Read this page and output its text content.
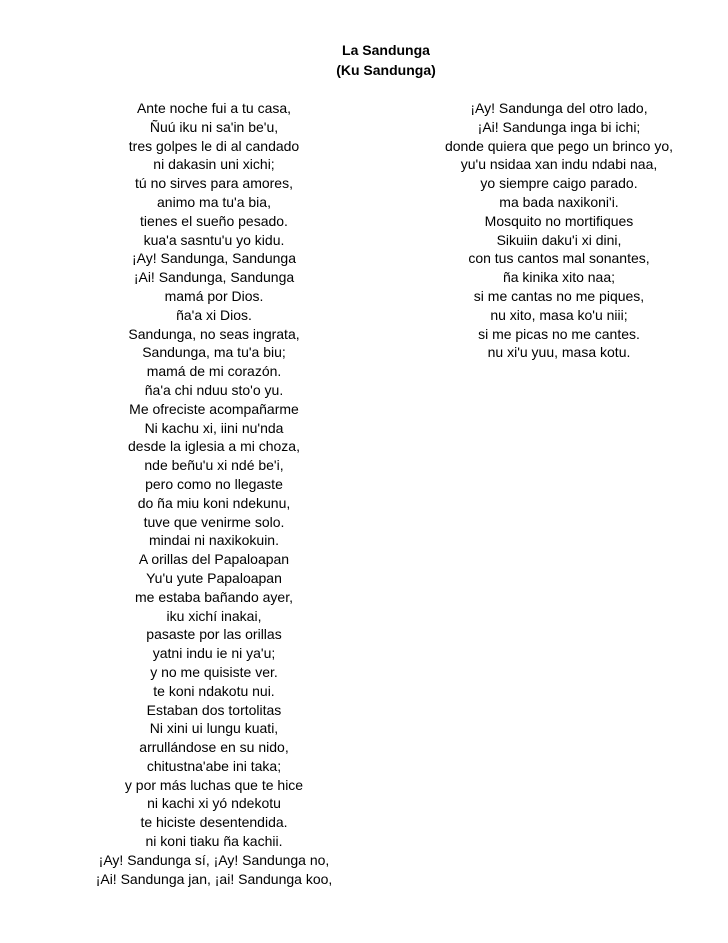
La Sandunga
(Ku Sandunga)
Ante noche fui a tu casa,
Ñuú iku ni sa'in be'u,
tres golpes le di al candado
ni dakasin uni xichi;
tú no sirves para amores,
animo ma tu'a bia,
tienes el sueño pesado.
kua'a sasntu'u yo kidu.
¡Ay! Sandunga, Sandunga
¡Ai! Sandunga, Sandunga
mamá por Dios.
ña'a xi Dios.
Sandunga, no seas ingrata,
Sandunga, ma tu'a biu;
mamá de mi corazón.
ña'a chi nduu sto'o yu.
Me ofreciste acompañarme
Ni kachu xi, iini nu'nda
desde la iglesia a mi choza,
nde beñu'u xi ndé be'i,
pero como no llegaste
do ña miu koni ndekunu,
tuve que venirme solo.
mindai ni naxikokuin.
A orillas del Papaloapan
Yu'u yute Papaloapan
me estaba bañando ayer,
iku xichí inakai,
pasaste por las orillas
yatni indu ie ni ya'u;
y no me quisiste ver.
te koni ndakotu nui.
Estaban dos tortolitas
Ni xini ui lungu kuati,
arrullándose en su nido,
chitustna'abe ini taka;
y por más luchas que te hice
ni kachi xi yó ndekotu
te hiciste desentendida.
ni koni tiaku ña kachii.
¡Ay! Sandunga sí, ¡Ay! Sandunga no,
¡Ai! Sandunga jan, ¡ai! Sandunga koo,
¡Ay! Sandunga del otro lado,
¡Ai! Sandunga inga bi ichi;
donde quiera que pego un brinco yo,
yu'u nsidaa xan indu ndabi naa,
yo siempre caigo parado.
ma bada naxikoni'i.
Mosquito no mortifiques
Sikuiin daku'i xi dini,
con tus cantos mal sonantes,
ña kinika xito naa;
si me cantas no me piques,
nu xito, masa ko'u niii;
si me picas no me cantes.
nu xi'u yuu, masa kotu.
